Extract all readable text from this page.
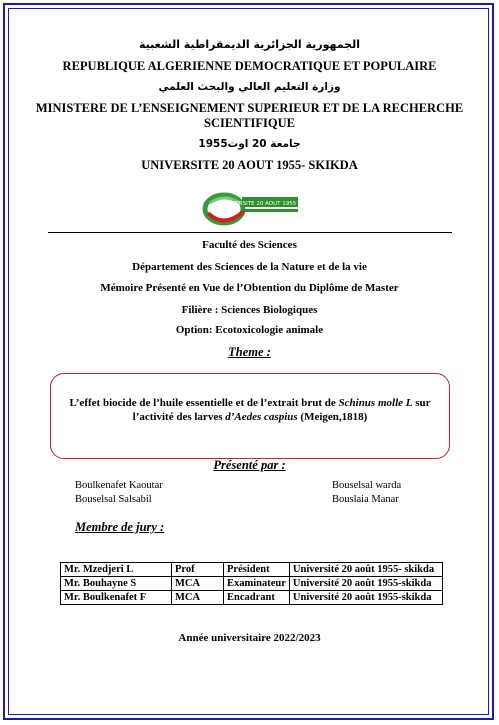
الجمهورية الجزائرية الديمقراطية الشعبية
REPUBLIQUE ALGERIENNE DEMOCRATIQUE ET POPULAIRE
وزارة التعليم العالي والبحث العلمي
MINISTERE DE L’ENSEIGNEMENT SUPERIEUR ET DE LA RECHERCHE
SCIENTIFIQUE
جامعة 20 اوت1955
UNIVERSITE 20 AOUT 1955- SKIKDA
UNIVERSITE 20 AOUT 1955 SKIKDA
Faculté des Sciences
Département des Sciences de la Nature et de la vie
Mémoire Présenté en Vue de l’Obtention du Diplôme de Master
Filière : Sciences Biologiques
Option: Ecotoxicologie animale
Theme :
L’effet biocide de l’huile essentielle et de l’extrait brut de Schinus molle L sur
l’activité des larves d’Aedes caspius (Meigen,1818)
Présenté par :
Boulkenafet Kaoutar	Bouselsal warda
Bouselsal Salsabil	Bouslaia Manar
Membre de jury :
Mr. Mzedjeri L	Prof	Président	Université 20 août 1955- skikda
Mr. Bouhayne S	MCA	Examinateur	Université 20 août 1955-skikda
Mr. Boulkenafet F	MCA	Encadrant	Université 20 août 1955-skikda
Année universitaire 2022/2023
